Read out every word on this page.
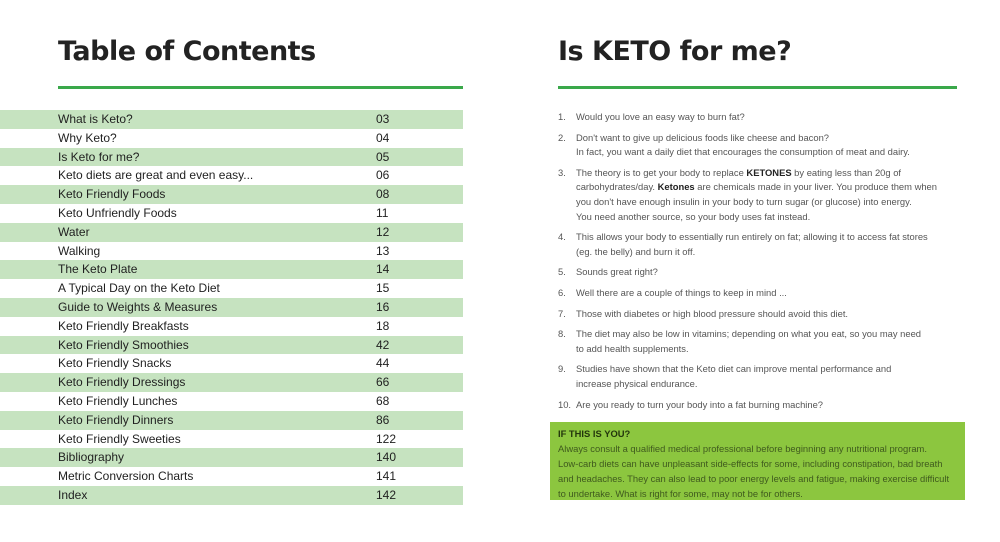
Table of Contents
What is Keto?	03
Why Keto?	04
Is Keto for me?	05
Keto diets are great and even easy...	06
Keto Friendly Foods	08
Keto Unfriendly Foods	11
Water	12
Walking	13
The Keto Plate	14
A Typical Day on the Keto Diet	15
Guide to Weights & Measures	16
Keto Friendly Breakfasts	18
Keto Friendly Smoothies	42
Keto Friendly Snacks	44
Keto Friendly Dressings	66
Keto Friendly Lunches	68
Keto Friendly Dinners	86
Keto Friendly Sweeties	122
Bibliography	140
Metric Conversion Charts	141
Index	142
Is KETO for me?
1.	Would you love an easy way to burn fat?
2.	Don't want to give up delicious foods like cheese and bacon?
In fact, you want a daily diet that encourages the consumption of meat and dairy.
3.	The theory is to get your body to replace KETONES by eating less than 20g of
carbohydrates/day. Ketones are chemicals made in your liver. You produce them when
you don't have enough insulin in your body to turn sugar (or glucose) into energy.
You need another source, so your body uses fat instead.
4.	This allows your body to essentially run entirely on fat; allowing it to access fat stores
(eg. the belly) and burn it off.
5.	Sounds great right?
6.	Well there are a couple of things to keep in mind ...
7.	Those with diabetes or high blood pressure should avoid this diet.
8.	The diet may also be low in vitamins; depending on what you eat, so you may need
to add health supplements.
9.	Studies have shown that the Keto diet can improve mental performance and
increase physical endurance.
10. Are you ready to turn your body into a fat burning machine?
IF THIS IS YOU?
Always consult a qualified medical professional before beginning any nutritional program.
Low-carb diets can have unpleasant side-effects for some, including constipation, bad breath
and headaches. They can also lead to poor energy levels and fatigue, making exercise difficult
to undertake. What is right for some, may not be for others.
